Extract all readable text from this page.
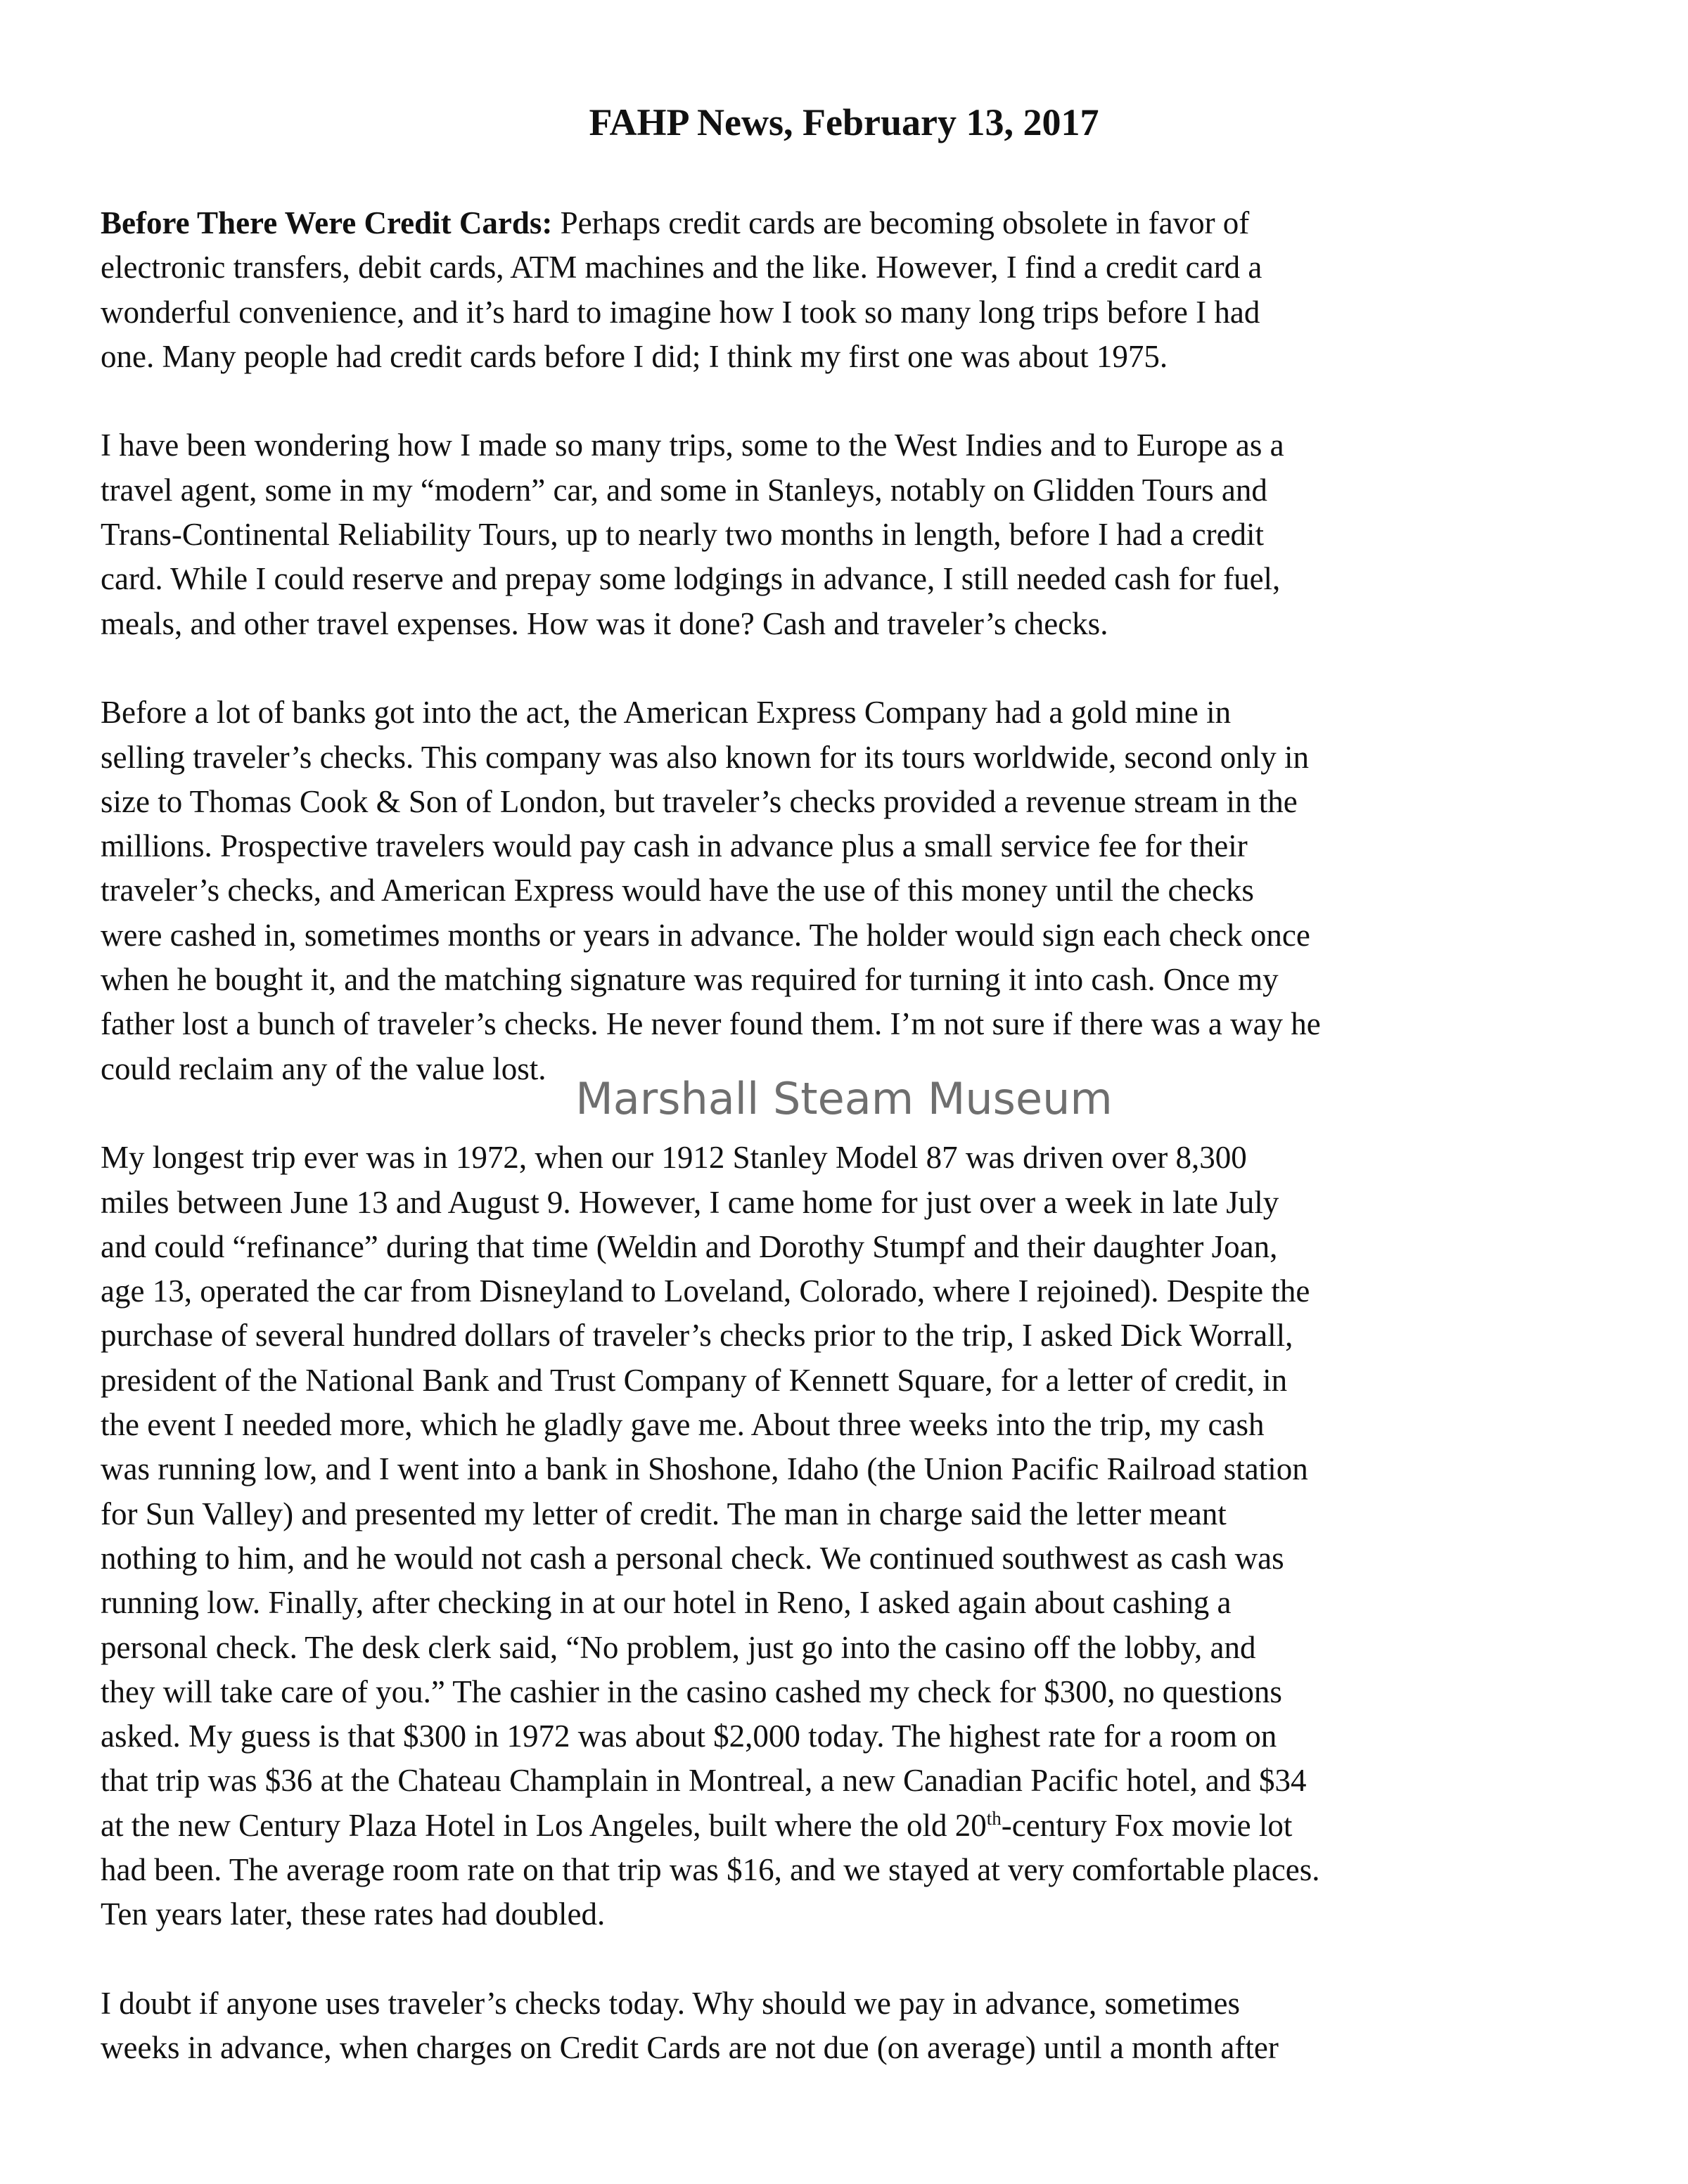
FAHP News, February 13, 2017
Before There Were Credit Cards: Perhaps credit cards are becoming obsolete in favor of
electronic transfers, debit cards, ATM machines and the like. However, I find a credit card a
wonderful convenience, and it’s hard to imagine how I took so many long trips before I had
one. Many people had credit cards before I did; I think my first one was about 1975.
I have been wondering how I made so many trips, some to the West Indies and to Europe as a
travel agent, some in my “modern” car, and some in Stanleys, notably on Glidden Tours and
Trans-Continental Reliability Tours, up to nearly two months in length, before I had a credit
card. While I could reserve and prepay some lodgings in advance, I still needed cash for fuel,
meals, and other travel expenses. How was it done? Cash and traveler’s checks.
Before a lot of banks got into the act, the American Express Company had a gold mine in
selling traveler’s checks. This company was also known for its tours worldwide, second only in
size to Thomas Cook & Son of London, but traveler’s checks provided a revenue stream in the
millions. Prospective travelers would pay cash in advance plus a small service fee for their
traveler’s checks, and American Express would have the use of this money until the checks
were cashed in, sometimes months or years in advance. The holder would sign each check once
when he bought it, and the matching signature was required for turning it into cash. Once my
father lost a bunch of traveler’s checks. He never found them. I’m not sure if there was a way he
could reclaim any of the value lost.
My longest trip ever was in 1972, when our 1912 Stanley Model 87 was driven over 8,300
miles between June 13 and August 9. However, I came home for just over a week in late July
and could “refinance” during that time (Weldin and Dorothy Stumpf and their daughter Joan,
age 13, operated the car from Disneyland to Loveland, Colorado, where I rejoined). Despite the
purchase of several hundred dollars of traveler’s checks prior to the trip, I asked Dick Worrall,
president of the National Bank and Trust Company of Kennett Square, for a letter of credit, in
the event I needed more, which he gladly gave me. About three weeks into the trip, my cash
was running low, and I went into a bank in Shoshone, Idaho (the Union Pacific Railroad station
for Sun Valley) and presented my letter of credit. The man in charge said the letter meant
nothing to him, and he would not cash a personal check. We continued southwest as cash was
running low. Finally, after checking in at our hotel in Reno, I asked again about cashing a
personal check. The desk clerk said, “No problem, just go into the casino off the lobby, and
they will take care of you.” The cashier in the casino cashed my check for $300, no questions
asked. My guess is that $300 in 1972 was about $2,000 today. The highest rate for a room on
that trip was $36 at the Chateau Champlain in Montreal, a new Canadian Pacific hotel, and $34
at the new Century Plaza Hotel in Los Angeles, built where the old 20th-century Fox movie lot
had been. The average room rate on that trip was $16, and we stayed at very comfortable places.
Ten years later, these rates had doubled.
I doubt if anyone uses traveler’s checks today. Why should we pay in advance, sometimes
weeks in advance, when charges on Credit Cards are not due (on average) until a month after
Marshall Steam Museum
